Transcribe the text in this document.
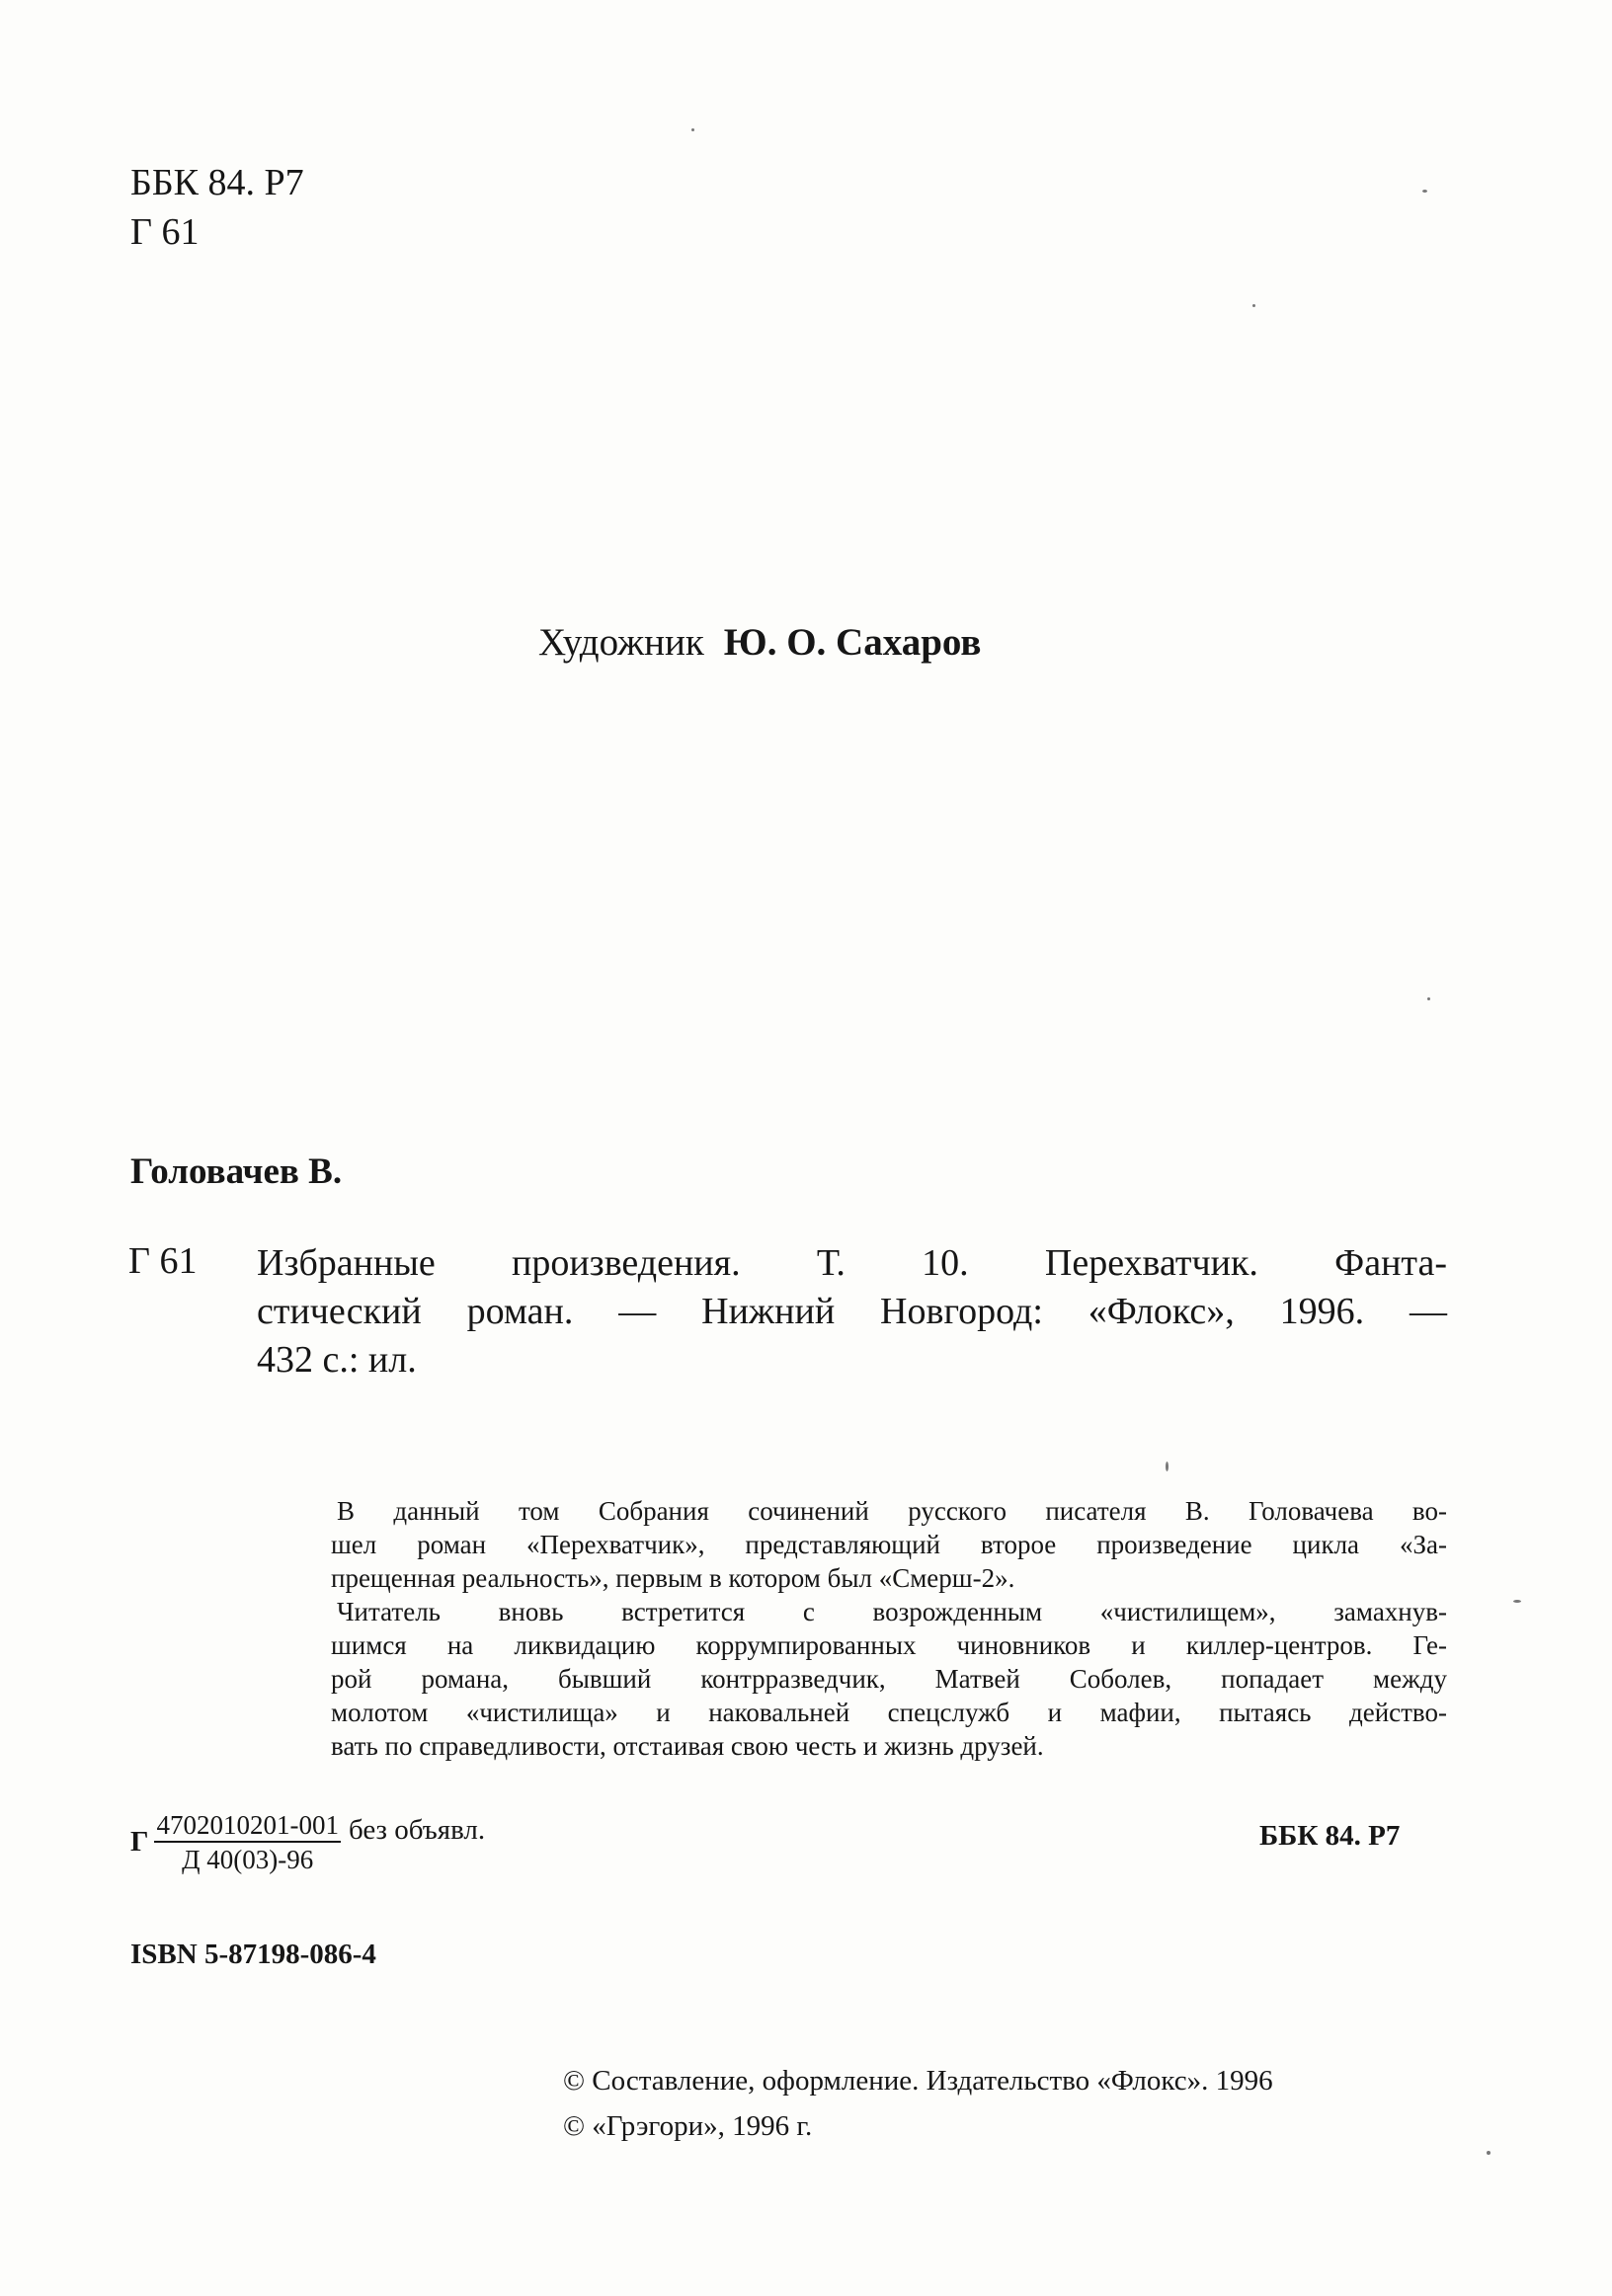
ББК 84. Р7
Г 61
Художник Ю. О. Сахаров
Головачев В.
Г 61 Избранные произведения. Т. 10. Перехватчик. Фанта-
стический роман. — Нижний Новгород: «Флокс», 1996. —
432 с.: ил.
В данный том Собрания сочинений русского писателя В. Головачева во-
шел роман «Перехватчик», представляющий второе произведение цикла «За-
прещенная реальность», первым в котором был «Смерш-2».
Читатель вновь встретится с возрожденным «чистилищем», замахнув-
шимся на ликвидацию коррумпированных чиновников и киллер-центров. Ге-
рой романа, бывший контрразведчик, Матвей Соболев, попадает между
молотом «чистилища» и наковальней спецслужб и мафии, пытаясь действо-
вать по справедливости, отстаивая свою честь и жизнь друзей.
Г $\frac{4702010201-001}{Д 40(03)-96}$ без объявл.	ББК 84. Р7
ISBN 5-87198-086-4
© Составление, оформление. Издательство «Флокс». 1996
© «Грэгори», 1996 г.
